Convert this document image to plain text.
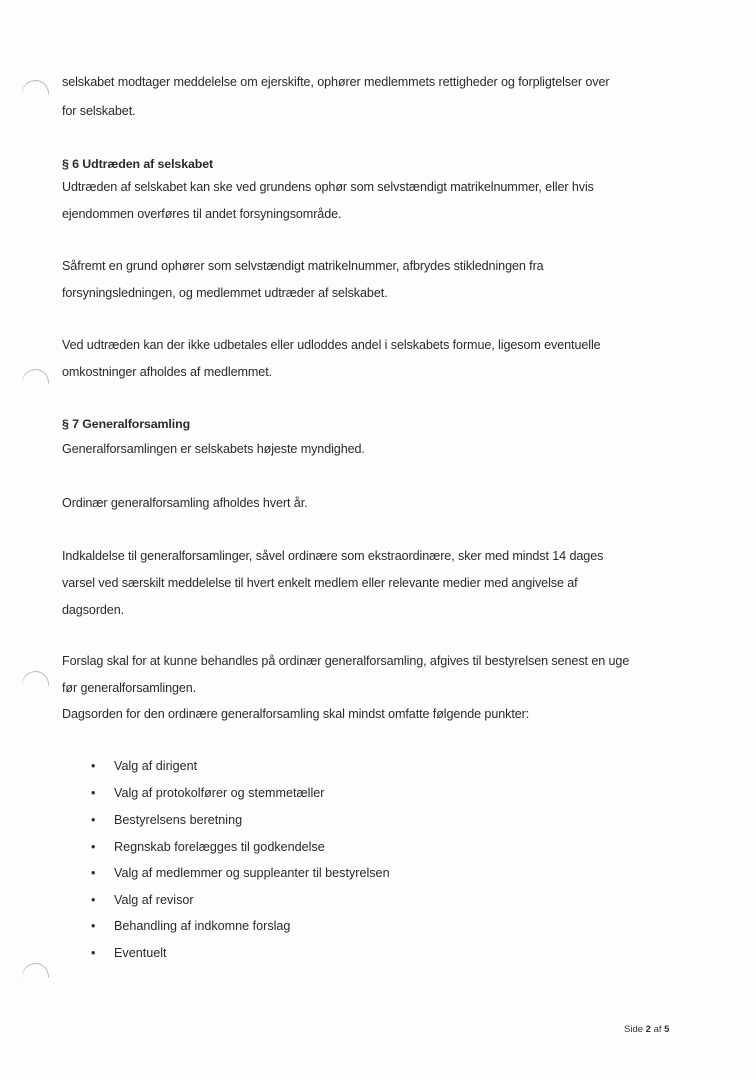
selskabet modtager meddelelse om ejerskifte, ophører medlemmets rettigheder og forpligtelser over
for selskabet.
§ 6 Udtræden af selskabet
Udtræden af selskabet kan ske ved grundens ophør som selvstændigt matrikelnummer, eller hvis
ejendommen overføres til andet forsyningsområde.
Såfremt en grund ophører som selvstændigt matrikelnummer, afbrydes stikledningen fra
forsyningsledningen, og medlemmet udtræder af selskabet.
Ved udtræden kan der ikke udbetales eller udloddes andel i selskabets formue, ligesom eventuelle
omkostninger afholdes af medlemmet.
§ 7 Generalforsamling
Generalforsamlingen er selskabets højeste myndighed.
Ordinær generalforsamling afholdes hvert år.
Indkaldelse til generalforsamlinger, såvel ordinære som ekstraordinære, sker med mindst 14 dages
varsel ved særskilt meddelelse til hvert enkelt medlem eller relevante medier med angivelse af
dagsorden.
Forslag skal for at kunne behandles på ordinær generalforsamling, afgives til bestyrelsen senest en uge
før generalforsamlingen.
Dagsorden for den ordinære generalforsamling skal mindst omfatte følgende punkter:
• Valg af dirigent
• Valg af protokolfører og stemmetæller
• Bestyrelsens beretning
• Regnskab forelægges til godkendelse
• Valg af medlemmer og suppleanter til bestyrelsen
• Valg af revisor
• Behandling af indkomne forslag
• Eventuelt
Side 2 af 5
